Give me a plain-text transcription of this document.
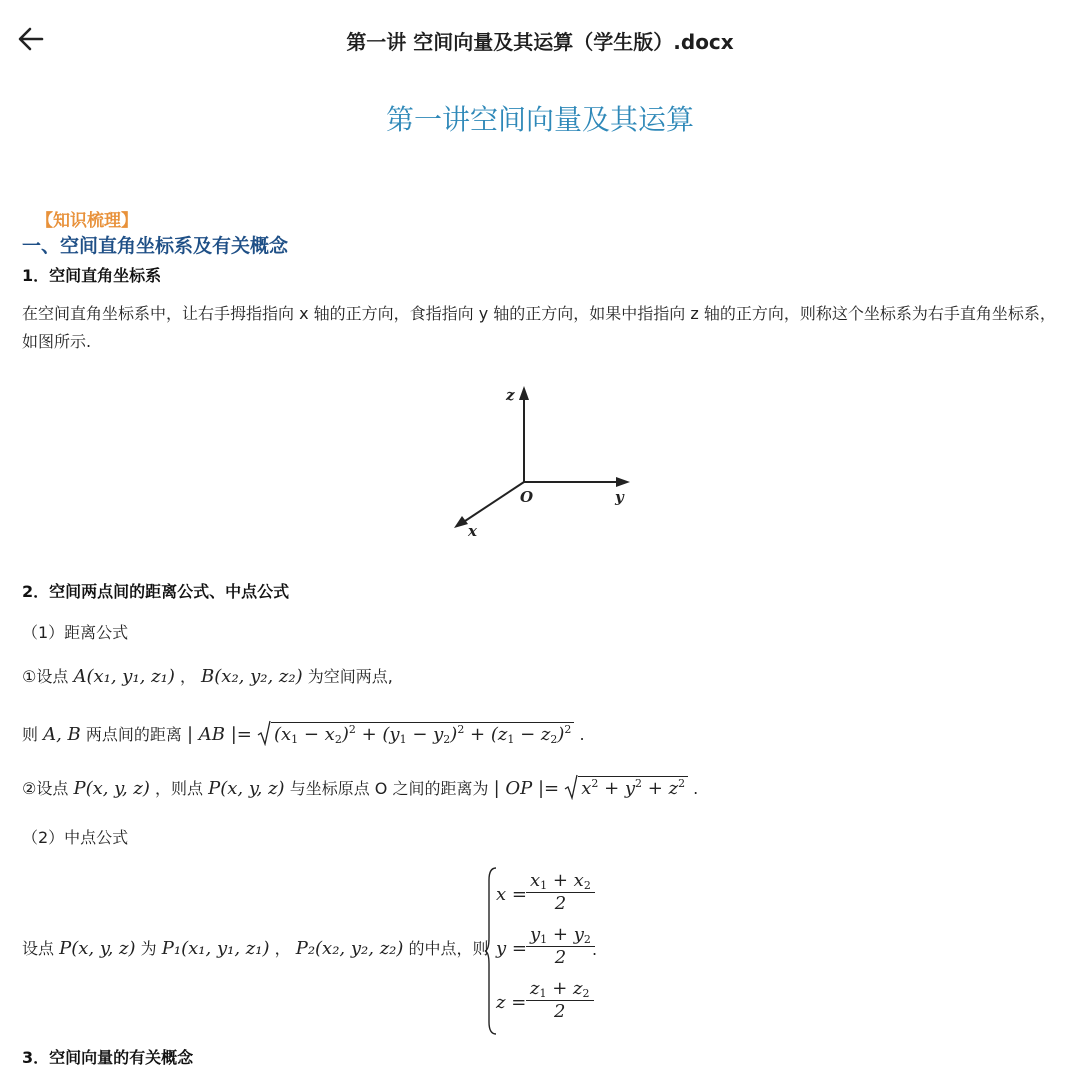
第一讲 空间向量及其运算（学生版）.docx
第一讲空间向量及其运算
【知识梳理】
一、空间直角坐标系及有关概念
1．空间直角坐标系
在空间直角坐标系中，让右手拇指指向 x 轴的正方向，食指指向 y 轴的正方向，如果中指指向 z 轴的正方向，则称这个坐标系为右手直角坐标系，如图所示.
z
y
x
O
2．空间两点间的距离公式、中点公式
（1）距离公式
①设点 A(x₁, y₁, z₁) ， B(x₂, y₂, z₂) 为空间两点,
则 A, B 两点间的距离 | AB |= $(x_1 - x_2)^2 + (y_1 - y_2)^2 + (z_1 - z_2)^2$ .
②设点 P(x, y, z) ，则点 P(x, y, z) 与坐标原点 O 之间的距离为 | OP |= $x^2 + y^2 + z^2$ .
（2）中点公式
设点 P(x, y, z) 为 P₁(x₁, y₁, z₁) ， P₂(x₂, y₂, z₂) 的中点，则
$x = \frac{x_1 + x_2}{2}$
$y = \frac{y_1 + y_2}{2}$
.
$z = \frac{z_1 + z_2}{2}$
3．空间向量的有关概念
